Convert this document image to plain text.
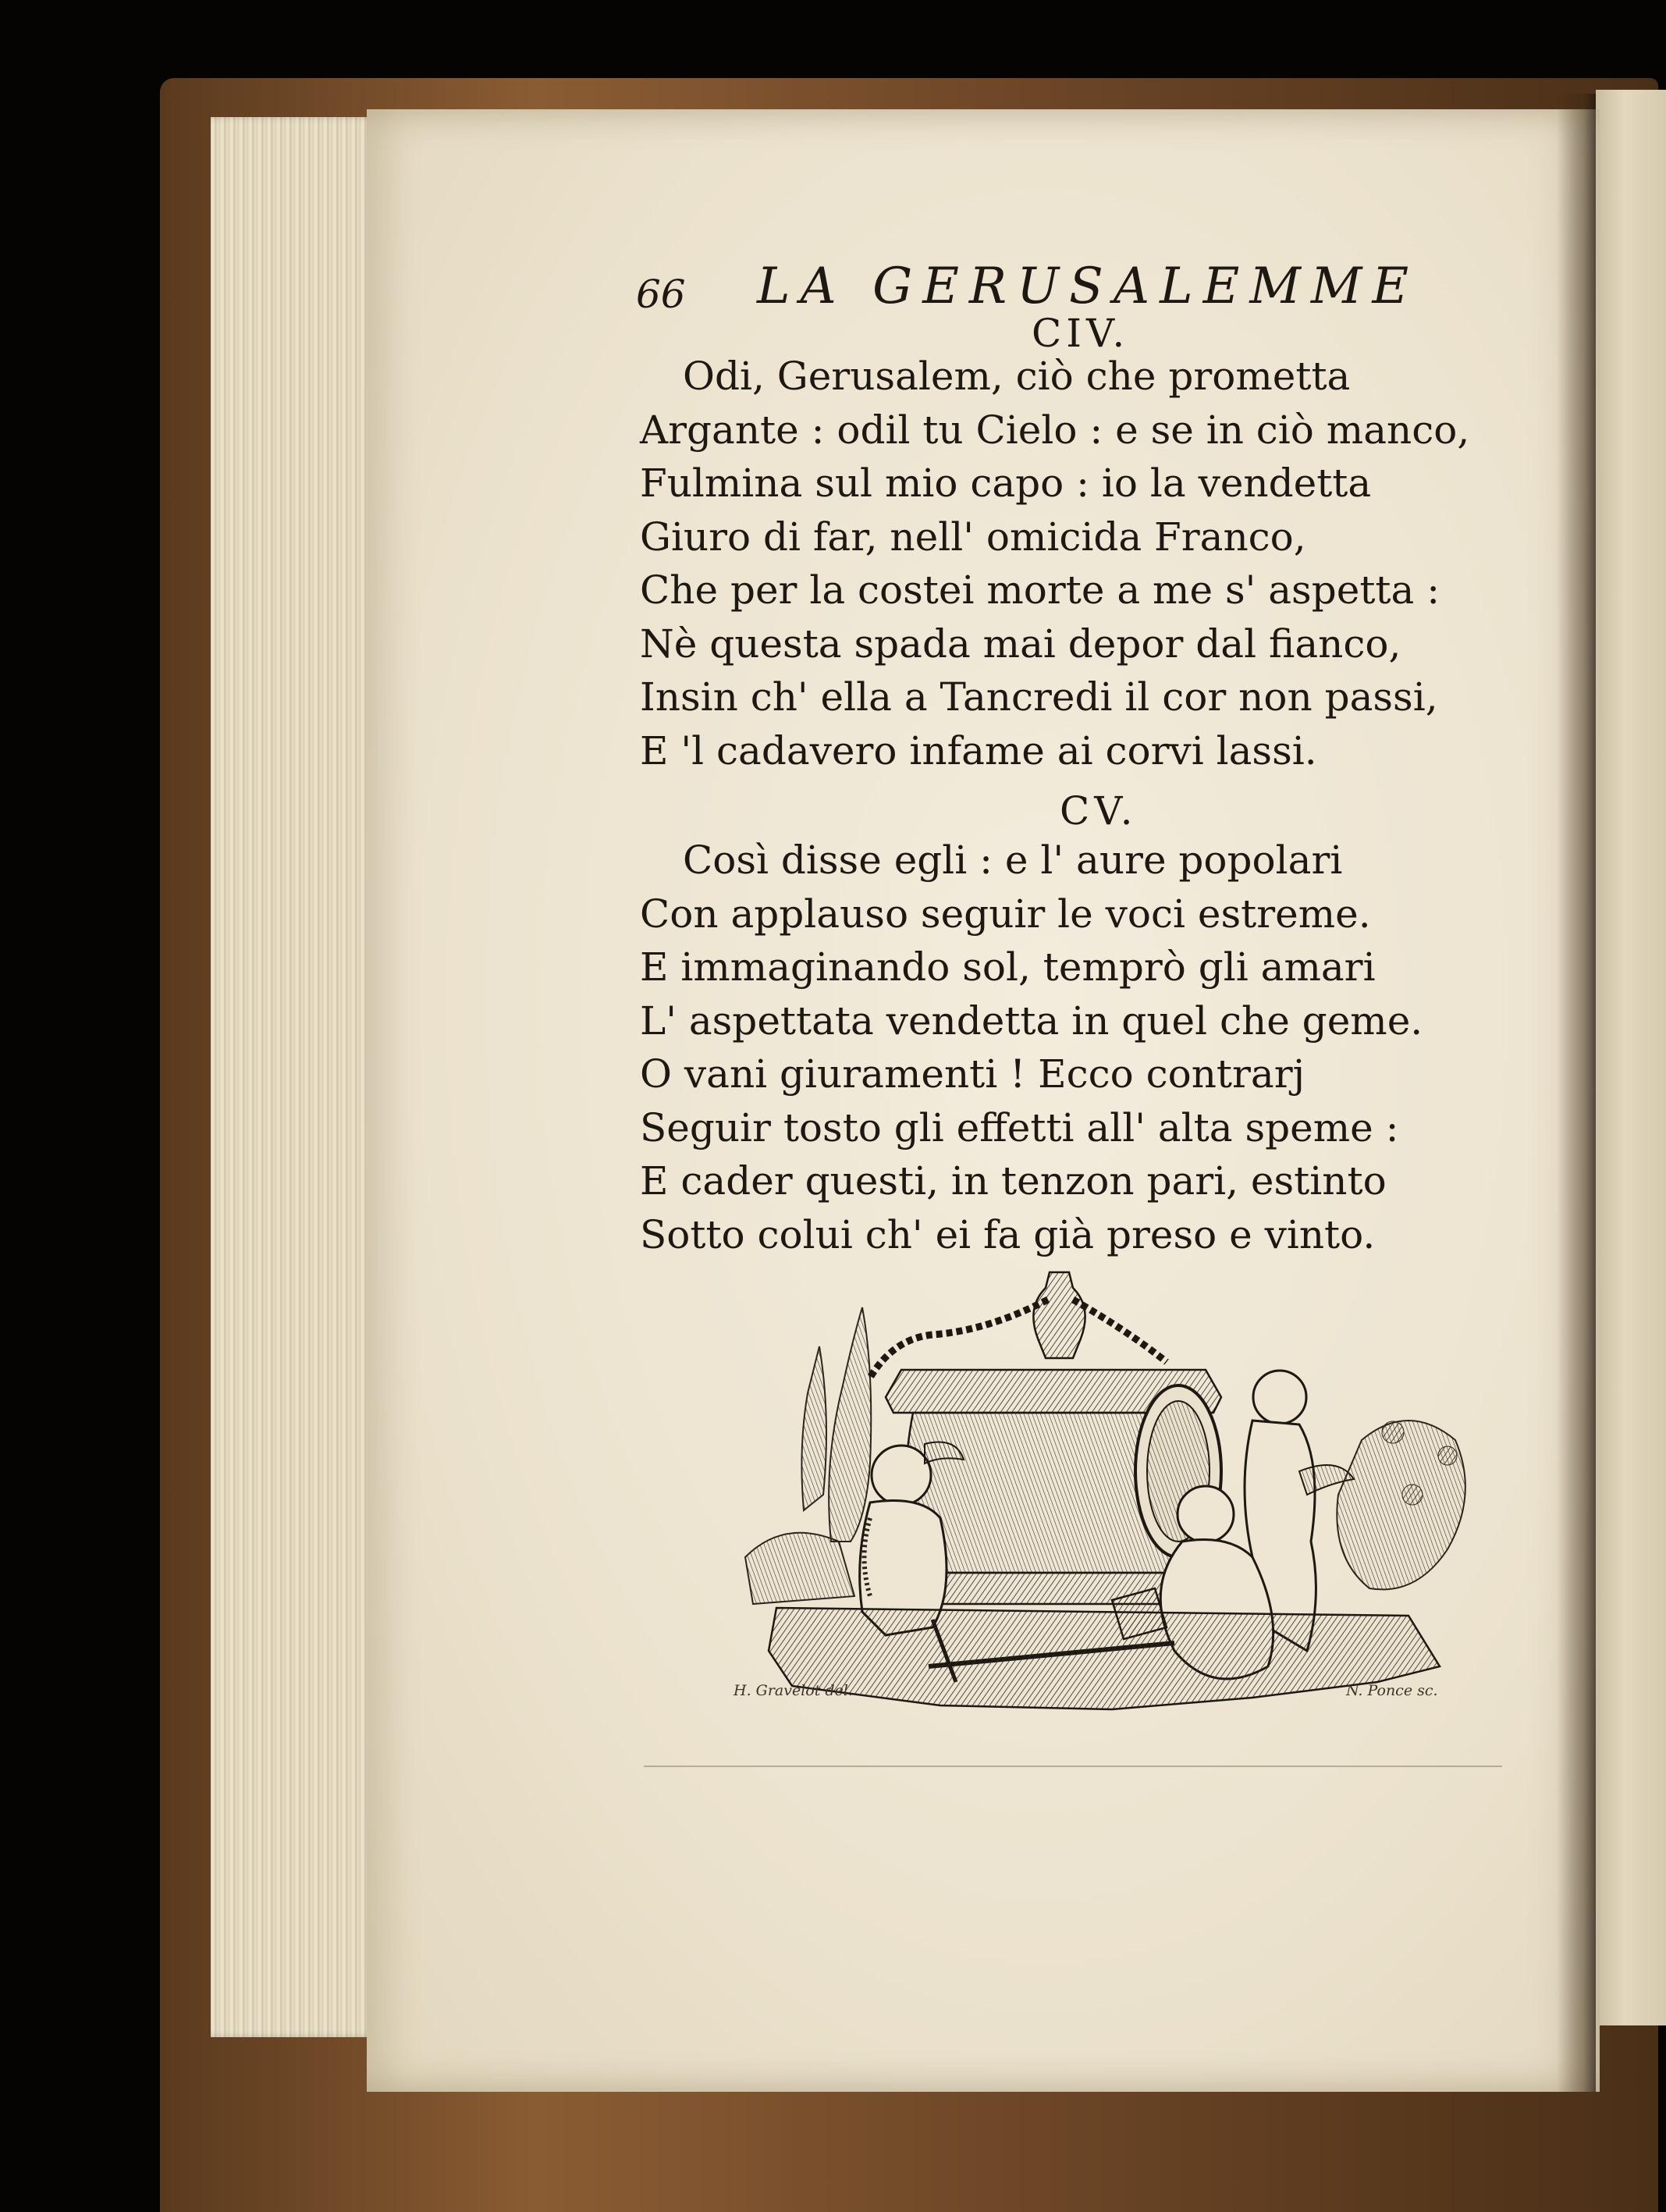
66 LA GERUSALEMME
CIV.
Odi, Gerusalem, ciò che prometta
Argante : odil tu Cielo : e se in ciò manco,
Fulmina sul mio capo : io la vendetta
Giuro di far, nell' omicida Franco,
Che per la costei morte a me s' aspetta :
Nè questa spada mai depor dal fianco,
Insin ch' ella a Tancredi il cor non passi,
E 'l cadavero infame ai corvi lassi.
CV.
Così disse egli : e l' aure popolari
Con applauso seguir le voci estreme.
E immaginando sol, temprò gli amari
L' aspettata vendetta in quel che geme.
O vani giuramenti ! Ecco contrarj
Seguir tosto gli effetti all' alta speme :
E cader questi, in tenzon pari, estinto
Sotto colui ch' ei fa già preso e vinto.
H. Gravelot del.	N. Ponce sc.
